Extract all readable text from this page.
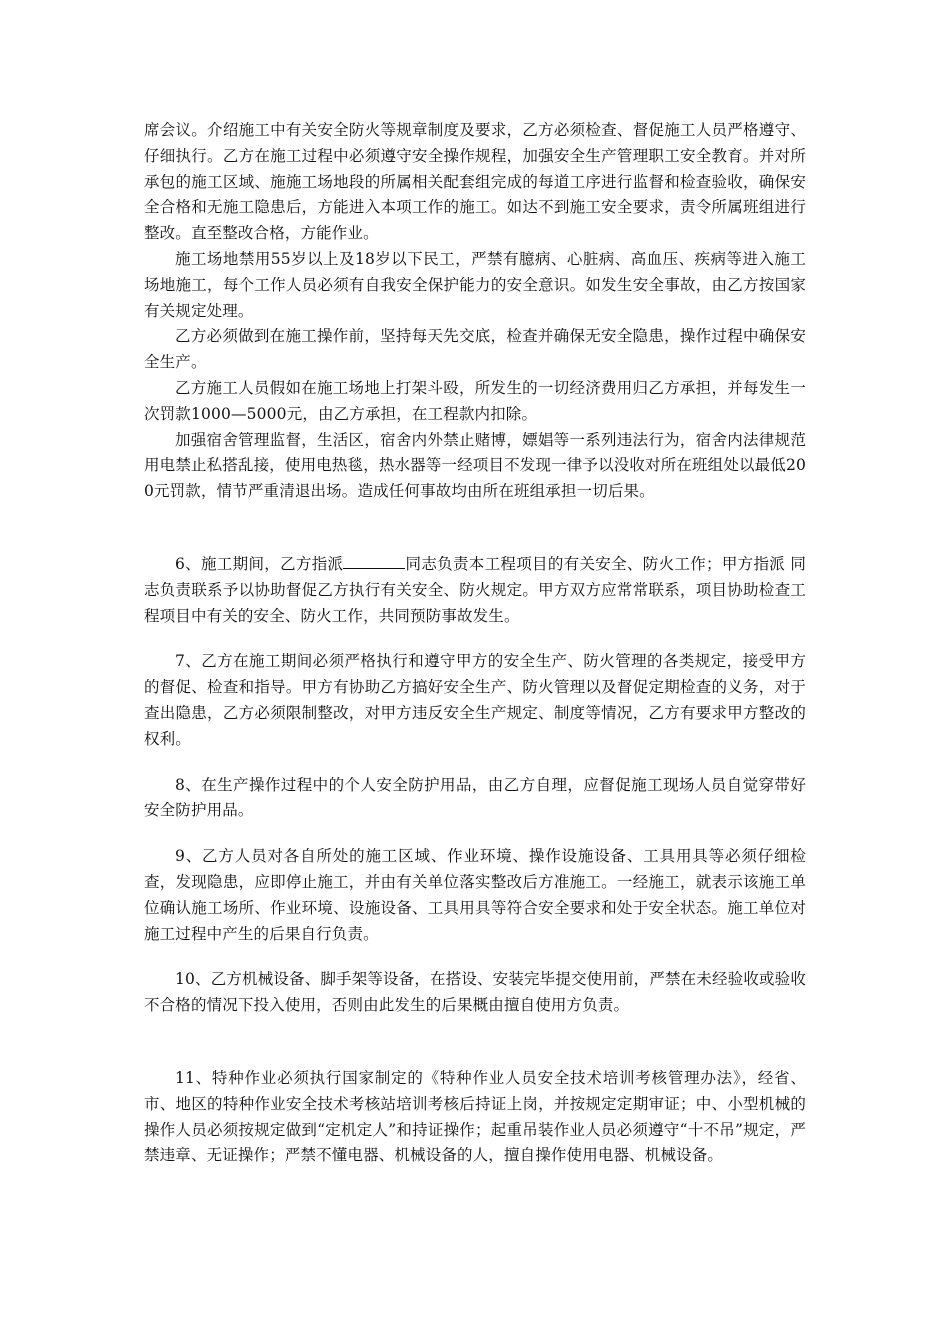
席会议。介绍施工中有关安全防火等规章制度及要求，乙方必须检查、督促施工人员严格遵守、仔细执行。乙方在施工过程中必须遵守安全操作规程，加强安全生产管理职工安全教育。并对所承包的施工区域、施施工场地段的所属相关配套组完成的每道工序进行监督和检查验收，确保安全合格和无施工隐患后，方能进入本项工作的施工。如达不到施工安全要求，责令所属班组进行整改。直至整改合格，方能作业。

施工场地禁用55岁以上及18岁以下民工，严禁有臆病、心脏病、高血压、疾病等进入施工场地施工，每个工作人员必须有自我安全保护能力的安全意识。如发生安全事故，由乙方按国家有关规定处理。

乙方必须做到在施工操作前，坚持每天先交底，检查并确保无安全隐患，操作过程中确保安全生产。

乙方施工人员假如在施工场地上打架斗殴，所发生的一切经济费用归乙方承担，并每发生一次罚款1000—5000元，由乙方承担，在工程款内扣除。

加强宿舍管理监督，生活区，宿舍内外禁止赌博，嫖娼等一系列违法行为，宿舍内法律规范用电禁止私搭乱接，使用电热毯，热水器等一经项目不发现一律予以没收对所在班组处以最低200元罚款，情节严重清退出场。造成任何事故均由所在班组承担一切后果。

6、施工期间，乙方指派	同志负责本工程项目的有关安全、防火工作；甲方指派 同志负责联系予以协助督促乙方执行有关安全、防火规定。甲方双方应常常联系，项目协助检查工程项目中有关的安全、防火工作，共同预防事故发生。

7、乙方在施工期间必须严格执行和遵守甲方的安全生产、防火管理的各类规定，接受甲方的督促、检查和指导。甲方有协助乙方搞好安全生产、防火管理以及督促定期检查的义务，对于查出隐患，乙方必须限制整改，对甲方违反安全生产规定、制度等情况，乙方有要求甲方整改的权利。

8、在生产操作过程中的个人安全防护用品，由乙方自理，应督促施工现场人员自觉穿带好安全防护用品。

9、乙方人员对各自所处的施工区域、作业环境、操作设施设备、工具用具等必须仔细检查，发现隐患，应即停止施工，并由有关单位落实整改后方准施工。一经施工，就表示该施工单位确认施工场所、作业环境、设施设备、工具用具等符合安全要求和处于安全状态。施工单位对施工过程中产生的后果自行负责。

10、乙方机械设备、脚手架等设备，在搭设、安装完毕提交使用前，严禁在未经验收或验收不合格的情况下投入使用，否则由此发生的后果概由擅自使用方负责。

11、特种作业必须执行国家制定的《特种作业人员安全技术培训考核管理办法》，经省、市、地区的特种作业安全技术考核站培训考核后持证上岗，并按规定定期审证；中、小型机械的操作人员必须按规定做到“定机定人”和持证操作；起重吊装作业人员必须遵守“十不吊”规定，严禁违章、无证操作；严禁不懂电器、机械设备的人，擅自操作使用电器、机械设备。
